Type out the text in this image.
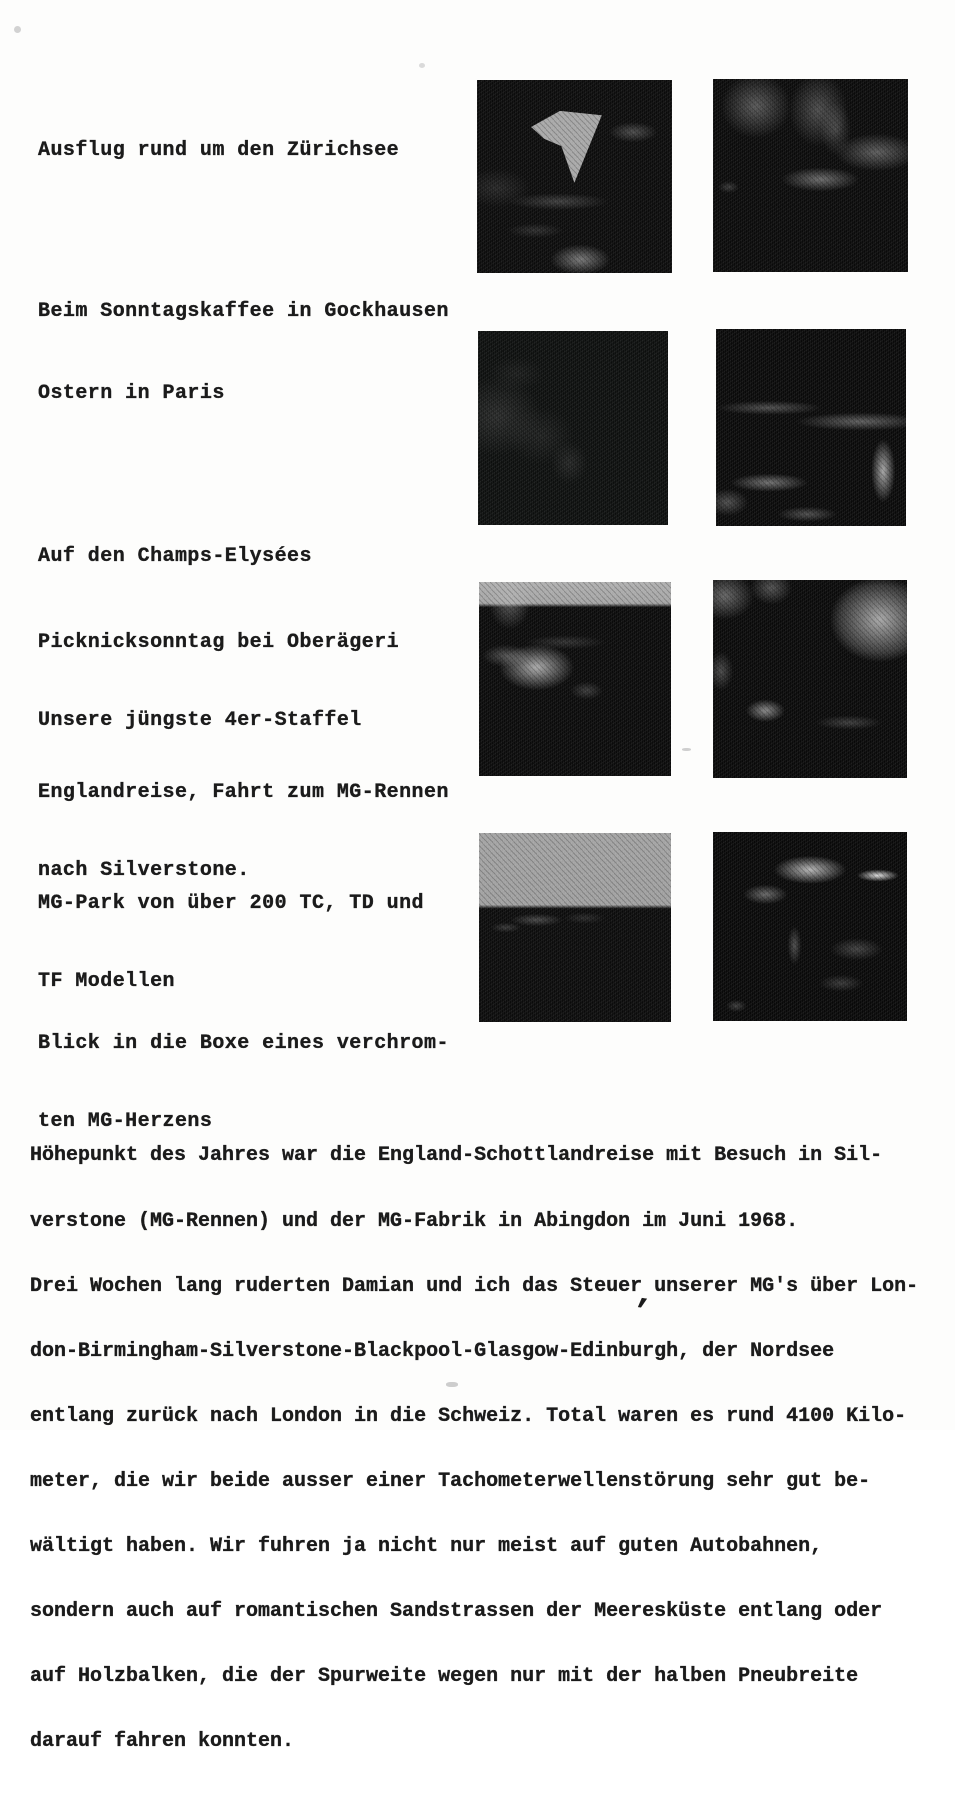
Ausflug rund um den Zürichsee

Beim Sonntagskaffee in Gockhausen

Ostern in Paris

Auf den Champs-Elysées

Picknicksonntag bei Oberägeri

Unsere jüngste 4er-Staffel

Englandreise, Fahrt zum MG-Rennen

nach Silverstone.

MG-Park von über 200 TC, TD und

TF Modellen

Blick in die Boxe eines verchrom-

ten MG-Herzens

Höhepunkt des Jahres war die England-Schottlandreise mit Besuch in Sil-

verstone (MG-Rennen) und der MG-Fabrik in Abingdon im Juni 1968.

Drei Wochen lang ruderten Damian und ich das Steuer unserer MG's über Lon-

don-Birmingham-Silverstone-Blackpool-Glasgow-Edinburgh, der Nordsee

entlang zurück nach London in die Schweiz. Total waren es rund 4100 Kilo-

meter, die wir beide ausser einer Tachometerwellenstörung sehr gut be-

wältigt haben. Wir fuhren ja nicht nur meist auf guten Autobahnen,

sondern auch auf romantischen Sandstrassen der Meeresküste entlang oder

auf Holzbalken, die der Spurweite wegen nur mit der halben Pneubreite

darauf fahren konnten.

’
